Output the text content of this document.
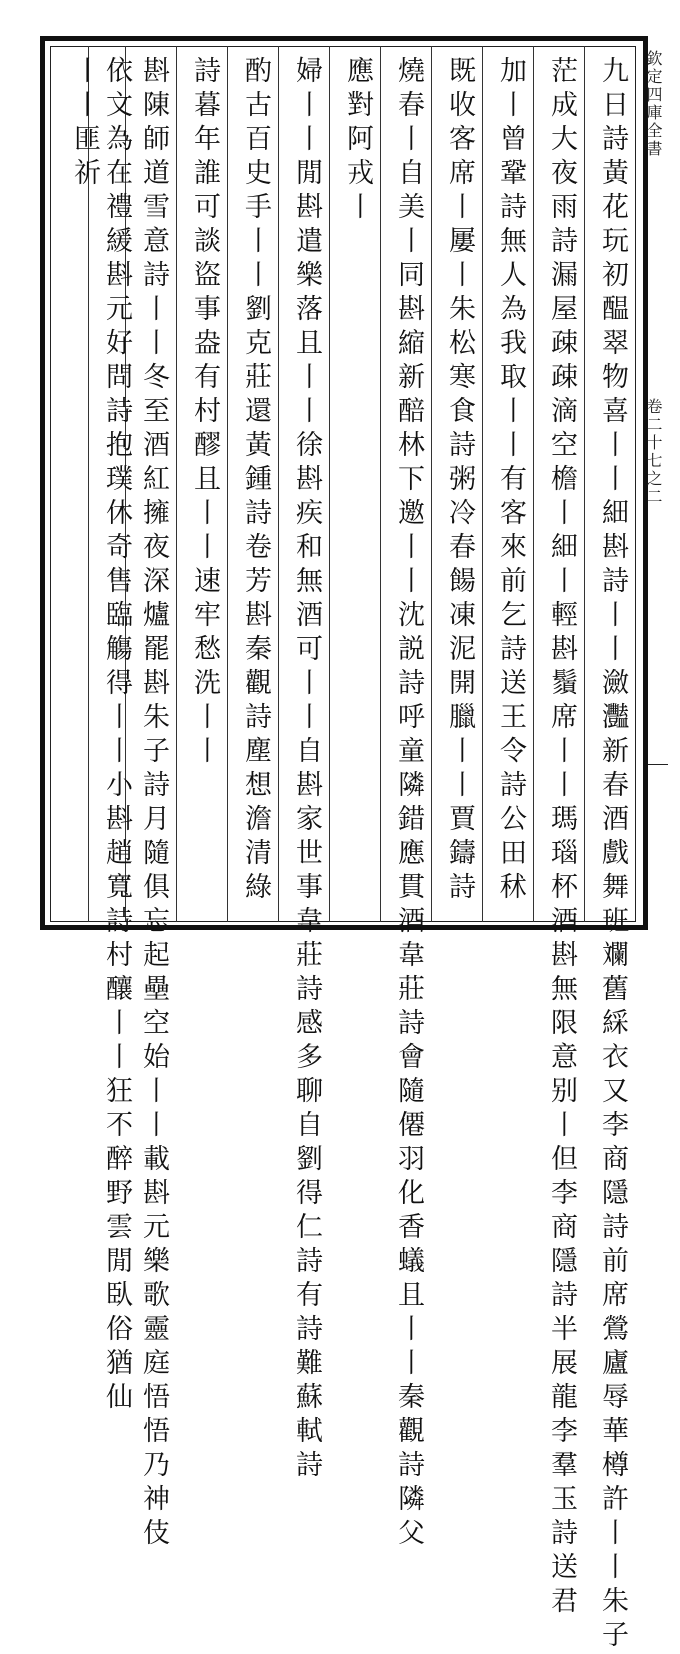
欽定四庫全書卷二十七之二
九日詩黃花玩初醖翠物喜丨丨細斟詩丨丨瀲灩新春酒戲舞班斕舊綵衣又李商隱詩前席鶯廬辱華樽許丨丨朱子
茫成大夜雨詩漏屋疎疎滴空檐丨細丨輕斟鬚席丨丨瑪瑙杯酒斟無限意别丨但李商隱詩半展龍李羣玉詩送君
加丨曾鞏詩無人為我取丨丨有客來前乞詩送王令詩公田秫
既收客席丨屢丨朱松寒食詩粥冷春餳凍泥開臘丨丨賈鑄詩
燒春丨自美丨同斟縮新醅林下邀丨丨沈説詩呼童隣錯應貫酒韋莊詩會隨僊羽化香蟻且丨丨秦觀詩隣父
應對阿戎丨
婦丨丨閒斟遣樂落且丨丨徐斟疾和無酒可丨丨自斟家世事韋莊詩感多聊自劉得仁詩有詩難蘇軾詩
酌古百史手丨丨劉克莊還黃鍾詩卷芳斟秦觀詩塵想澹清綠
詩暮年誰可談盜事盎有村醪且丨丨速牢愁洗丨丨
斟陳師道雪意詩丨丨冬至酒紅擁夜深爐罷斟朱子詩月隨俱忘起壘空始丨丨載斟元樂歌靈庭悟悟乃神伎
依文為在禮緩斟元好問詩抱璞休奇售臨觴得丨丨小斟趙寬詩村釀丨丨狂不醉野雲閒臥俗猶仙
丨丨匪祈
